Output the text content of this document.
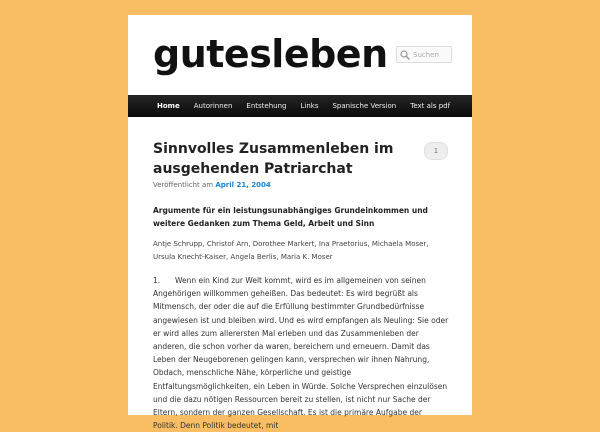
gutesleben	Suchen
Home	Autorinnen	Entstehung	Links	Spanische Version	Text als pdf
Sinnvolles Zusammenleben im ausgehenden Patriarchat
1
Veröffentlicht am April 21, 2004

Argumente für ein leistungsunabhängiges Grundeinkommen und weitere Gedanken zum Thema Geld, Arbeit und Sinn

Antje Schrupp, Christof Arn, Dorothee Markert, Ina Praetorius, Michaela Moser, Ursula Knecht-Kaiser, Angela Berlis, Maria K. Moser

1. Wenn ein Kind zur Welt kommt, wird es im allgemeinen von seinen Angehörigen willkommen geheißen. Das bedeutet: Es wird begrüßt als Mitmensch, der oder die auf die Erfüllung bestimmter Grundbedürfnisse angewiesen ist und bleiben wird. Und es wird empfangen als Neuling: Sie oder er wird alles zum allerersten Mal erleben und das Zusammenleben der anderen, die schon vorher da waren, bereichern und erneuern. Damit das Leben der Neugeborenen gelingen kann, versprechen wir ihnen Nahrung, Obdach, menschliche Nähe, körperliche und geistige Entfaltungsmöglichkeiten, ein Leben in Würde. Solche Versprechen einzulösen und die dazu nötigen Ressourcen bereit zu stellen, ist nicht nur Sache der Eltern, sondern der ganzen Gesellschaft. Es ist die primäre Aufgabe der Politik. Denn Politik bedeutet, mit
